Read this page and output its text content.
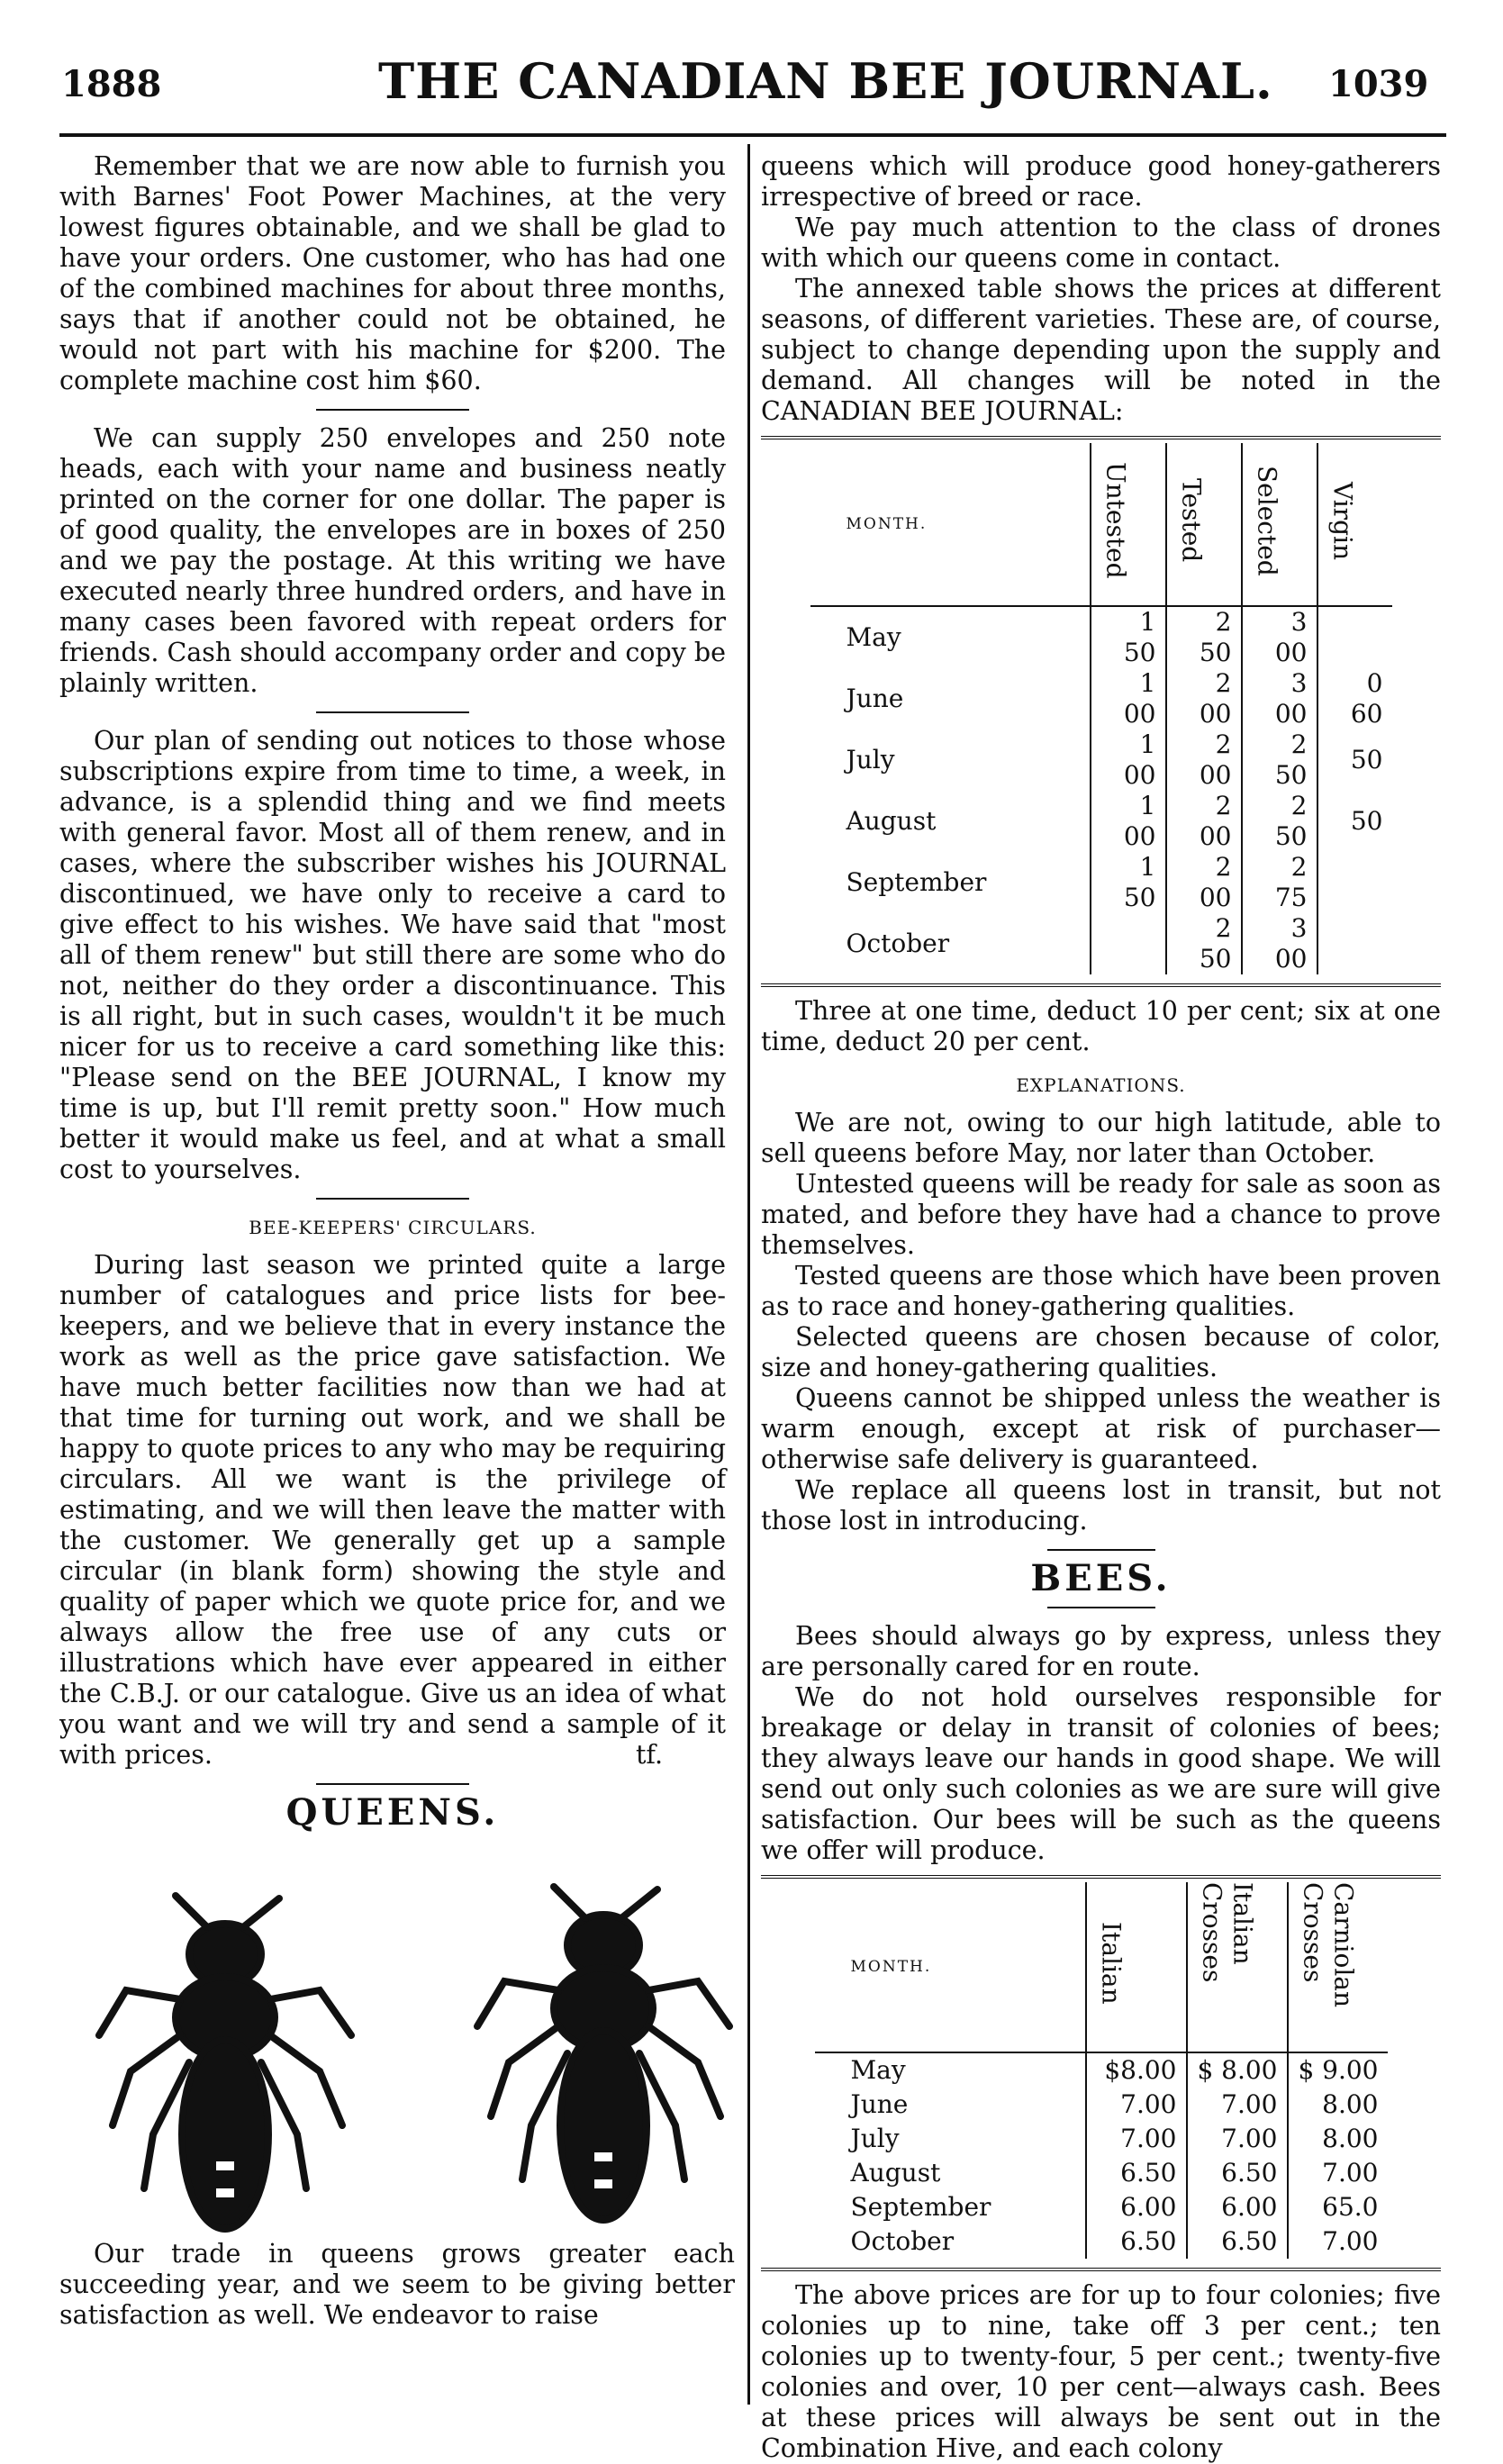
1888	THE CANADIAN BEE JOURNAL. 1039

Remember that we are now able to furnish you with Barnes' Foot Power Machines, at the very lowest figures obtainable, and we shall be glad to have your orders. One customer, who has had one of the combined machines for about three months, says that if another could not be obtained, he would not part with his machine for $200. The complete machine cost him $60.

We can supply 250 envelopes and 250 note heads, each with your name and business neatly printed on the corner for one dollar. The paper is of good quality, the envelopes are in boxes of 250 and we pay the postage. At this writing we have executed nearly three hundred orders, and have in many cases been favored with repeat orders for friends. Cash should accompany order and copy be plainly written.

Our plan of sending out notices to those whose subscriptions expire from time to time, a week, in advance, is a splendid thing and we find meets with general favor. Most all of them renew, and in cases, where the subscriber wishes his JOURNAL discontinued, we have only to receive a card to give effect to his wishes. We have said that "most all of them renew" but still there are some who do not, neither do they order a discontinuance. This is all right, but in such cases, wouldn't it be much nicer for us to receive a card something like this: "Please send on the BEE JOURNAL, I know my time is up, but I'll remit pretty soon." How much better it would make us feel, and at what a small cost to yourselves.

BEE-KEEPERS' CIRCULARS.

During last season we printed quite a large number of catalogues and price lists for bee-keepers, and we believe that in every instance the work as well as the price gave satisfaction. We have much better facilities now than we had at that time for turning out work, and we shall be happy to quote prices to any who may be requiring circulars. All we want is the privilege of estimating, and we will then leave the matter with the customer. We generally get up a sample circular (in blank form) showing the style and quality of paper which we quote price for, and we always allow the free use of any cuts or illustrations which have ever appeared in either the C.B.J. or our catalogue. Give us an idea of what you want and we will try and send a sample of it with prices.	tf.
QUEENS.

Our trade in queens grows greater each succeeding year, and we seem to be giving better satisfaction as well. We endeavor to raise

queens which will produce good honey-gatherers irrespective of breed or race.

We pay much attention to the class of drones with which our queens come in contact.

The annexed table shows the prices at different seasons, of different varieties. These are, of course, subject to change depending upon the supply and demand. All changes will be noted in the CANADIAN BEE JOURNAL:

MONTH.	Untested	Tested	Selected	Virgin
May	1 50	2 50	3 00	
June	1 00	2 00	3 00	0 60
July	1 00	2 00	2 50	50
August	1 00	2 00	2 50	50
September	1 50	2 00	2 75	
October		2 50	3 00	

Three at one time, deduct 10 per cent; six at one time, deduct 20 per cent.

EXPLANATIONS.

We are not, owing to our high latitude, able to sell queens before May, nor later than October.

Untested queens will be ready for sale as soon as mated, and before they have had a chance to prove themselves.

Tested queens are those which have been proven as to race and honey-gathering qualities.

Selected queens are chosen because of color, size and honey-gathering qualities.

Queens cannot be shipped unless the weather is warm enough, except at risk of purchaser—otherwise safe delivery is guaranteed.

We replace all queens lost in transit, but not those lost in introducing.

BEES.

Bees should always go by express, unless they are personally cared for en route.

We do not hold ourselves responsible for breakage or delay in transit of colonies of bees; they always leave our hands in good shape. We will send out only such colonies as we are sure will give satisfaction. Our bees will be such as the queens we offer will produce.

MONTH.	Italian	Italian Crosses	Carniolan Crosses
May	$8.00	$ 8.00	$ 9.00
June	7.00	7.00	8.00
July	7.00	7.00	8.00
August	6.50	6.50	7.00
September	6.00	6.00	65.0
October	6.50	6.50	7.00

The above prices are for up to four colonies; five colonies up to nine, take off 3 per cent.; ten colonies up to twenty-four, 5 per cent.; twenty-five colonies and over, 10 per cent—always cash. Bees at these prices will always be sent out in the Combination Hive, and each colony
